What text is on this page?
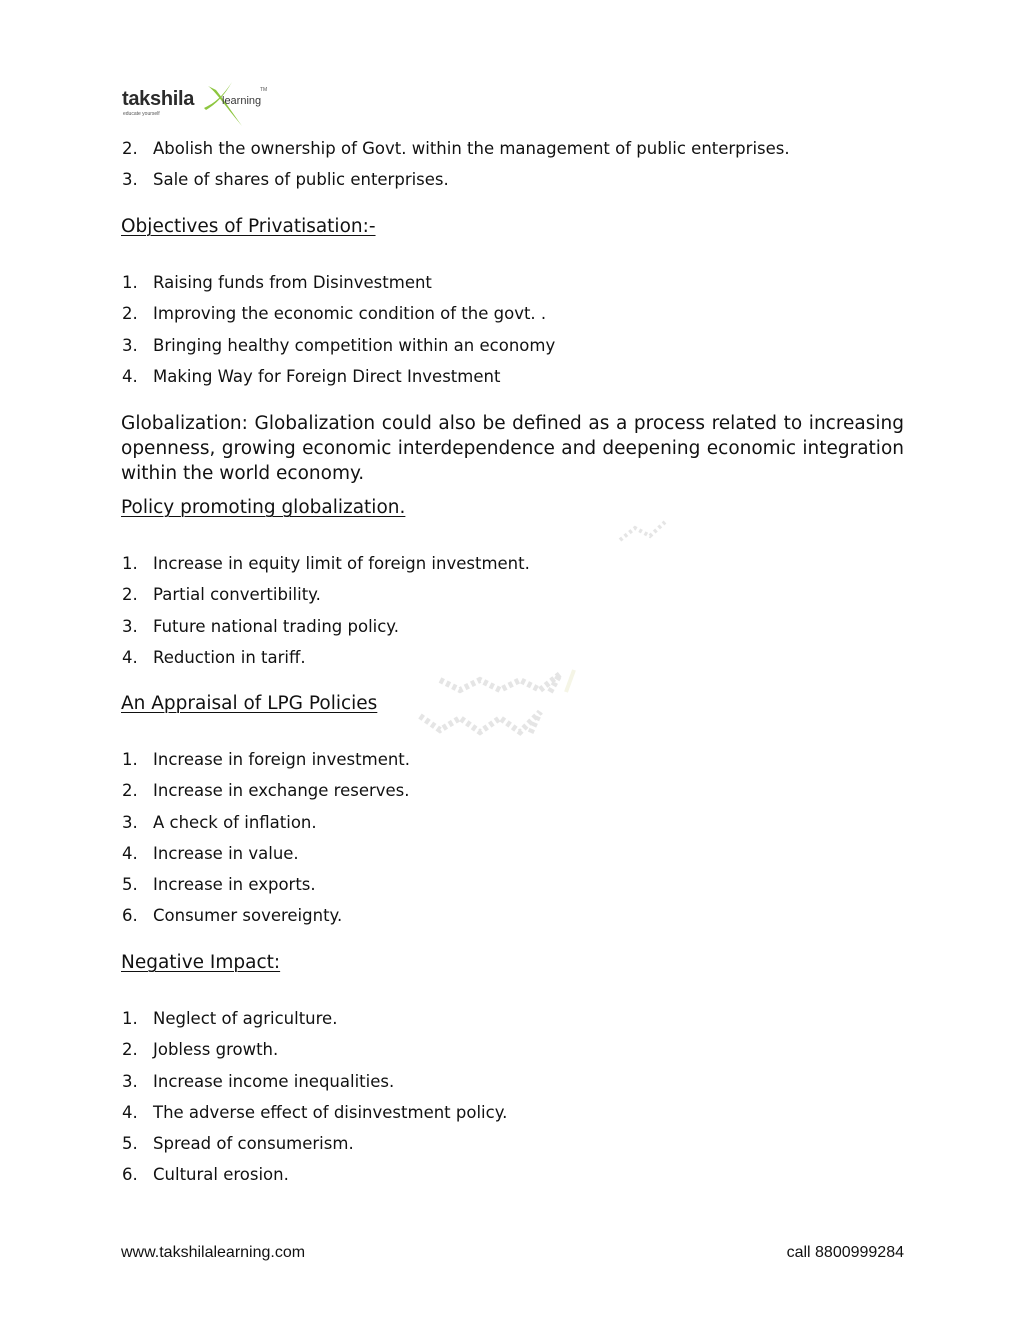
takshila	learning
educate yourself
TM
2. Abolish the ownership of Govt. within the management of public enterprises.
3. Sale of shares of public enterprises.
Objectives of Privatisation:-
1. Raising funds from Disinvestment
2. Improving the economic condition of the govt. .
3. Bringing healthy competition within an economy
4. Making Way for Foreign Direct Investment

Globalization: Globalization could also be defined as a process related to increasing openness, growing economic interdependence and deepening economic integration within the world economy.

Policy promoting globalization.
1. Increase in equity limit of foreign investment.
2. Partial convertibility.
3. Future national trading policy.
4. Reduction in tariff.
An Appraisal of LPG Policies
1. Increase in foreign investment.
2. Increase in exchange reserves.
3. A check of inflation.
4. Increase in value.
5. Increase in exports.
6. Consumer sovereignty.
Negative Impact:
1. Neglect of agriculture.
2. Jobless growth.
3. Increase income inequalities.
4. The adverse effect of disinvestment policy.
5. Spread of consumerism.
6. Cultural erosion.
www.takshilalearning.com	call 8800999284
